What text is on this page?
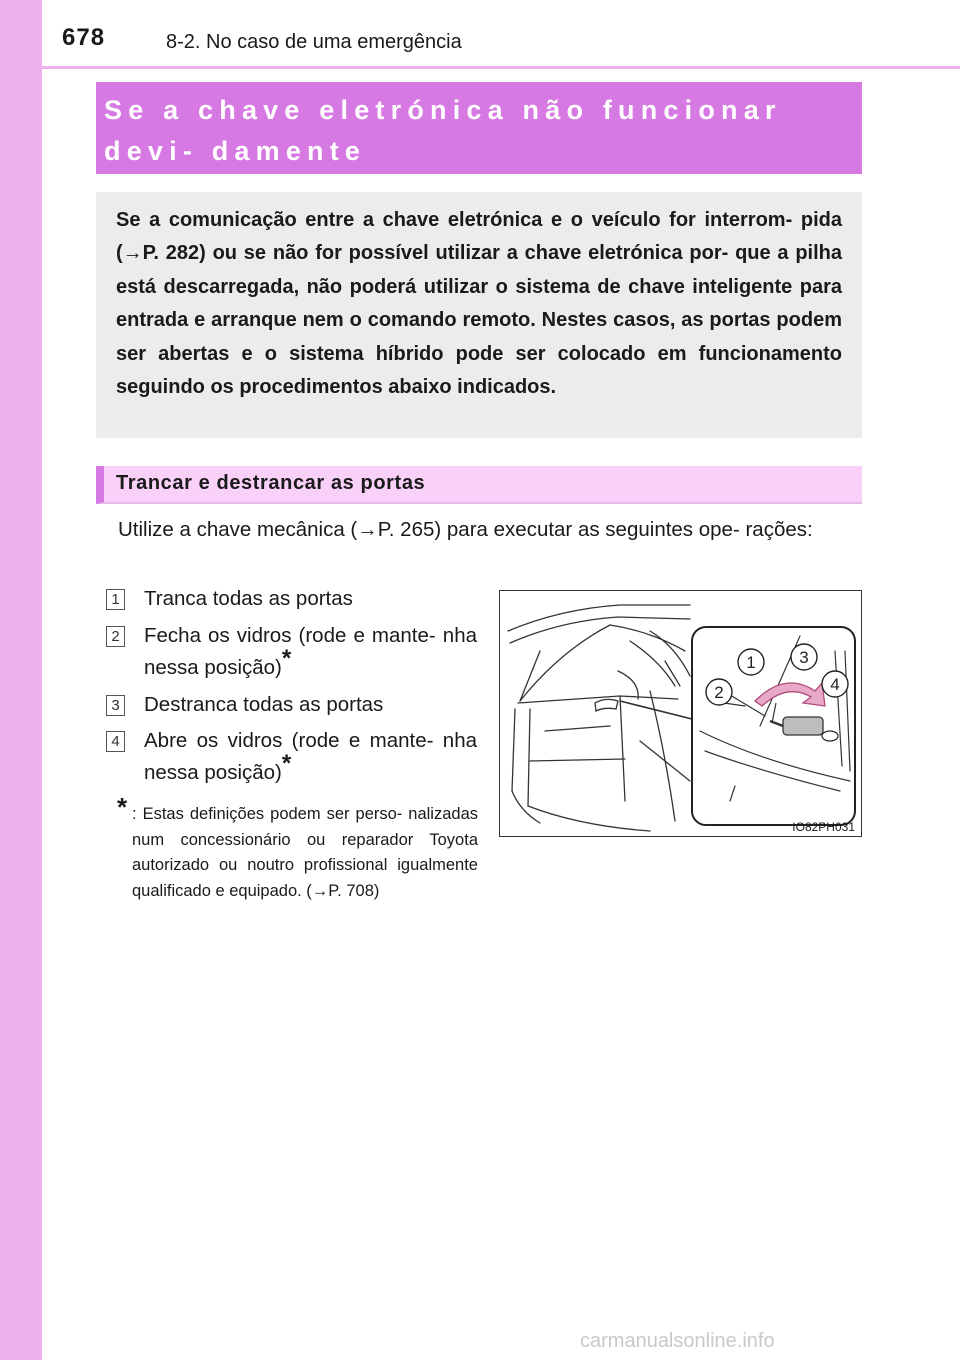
678	8-2. No caso de uma emergência
Se a chave eletrónica não funcionar devi- damente
Se a comunicação entre a chave eletrónica e o veículo for interrom- pida (→P. 282) ou se não for possível utilizar a chave eletrónica por- que a pilha está descarregada, não poderá utilizar o sistema de chave inteligente para entrada e arranque nem o comando remoto. Nestes casos, as portas podem ser abertas e o sistema híbrido pode ser colocado em funcionamento seguindo os procedimentos abaixo indicados.
Trancar e destrancar as portas
Utilize a chave mecânica (→P. 265) para executar as seguintes ope- rações:
1 Tranca todas as portas
2 Fecha os vidros (rode e mante- nha nessa posição)*
3 Destranca todas as portas
4 Abre os vidros (rode e mante- nha nessa posição)*
* : Estas definições podem ser perso- nalizadas num concessionário ou reparador Toyota autorizado ou noutro profissional igualmente qualificado e equipado. (→P. 708)
1	3
2	4
IO82PH031
carmanualsonline.info
